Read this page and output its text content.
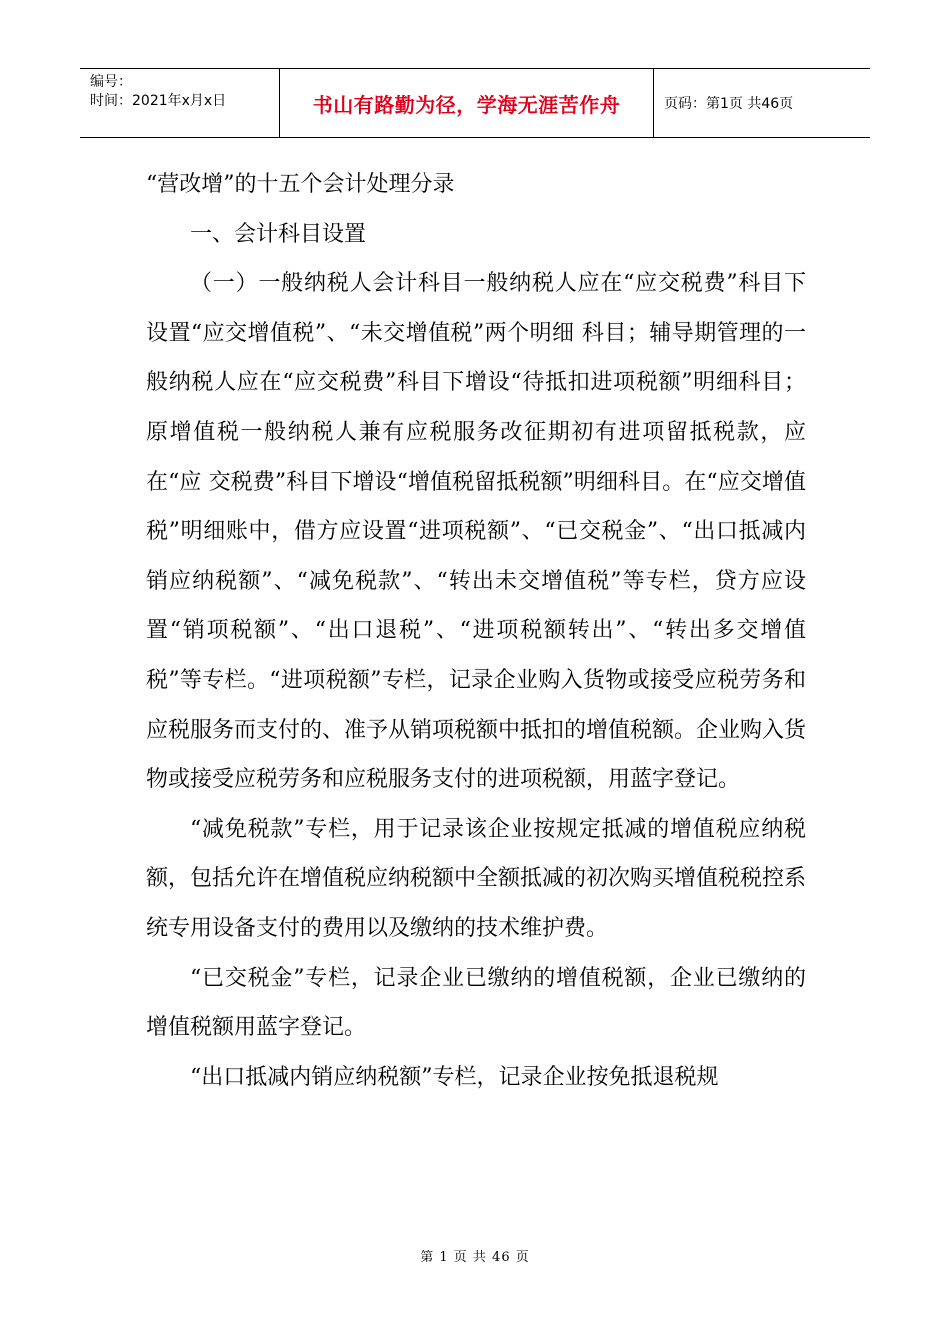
编号：
时间：2021年x月x日	书山有路勤为径，学海无涯苦作舟	页码：第1页 共46页

“营改增”的十五个会计处理分录

一、会计科目设置

（一）一般纳税人会计科目一般纳税人应在“应交税费”科目下设置“应交增值税”、“未交增值税”两个明细 科目；辅导期管理的一般纳税人应在“应交税费”科目下增设“待抵扣进项税额”明细科目；原增值税一般纳税人兼有应税服务改征期初有进项留抵税款，应在“应 交税费”科目下增设“增值税留抵税额”明细科目。在“应交增值税”明细账中，借方应设置“进项税额”、“已交税金”、“出口抵减内销应纳税额”、“减免税款”、“转出未交增值税”等专栏，贷方应设置“销项税额”、“出口退税”、“进项税额转出”、“转出多交增值税”等专栏。“进项税额”专栏，记录企业购入货物或接受应税劳务和应税服务而支付的、准予从销项税额中抵扣的增值税额。企业购入货物或接受应税劳务和应税服务支付的进项税额，用蓝字登记。

“减免税款”专栏，用于记录该企业按规定抵减的增值税应纳税额，包括允许在增值税应纳税额中全额抵减的初次购买增值税税控系统专用设备支付的费用以及缴纳的技术维护费。

“已交税金”专栏，记录企业已缴纳的增值税额，企业已缴纳的增值税额用蓝字登记。

“出口抵减内销应纳税额”专栏，记录企业按免抵退税规

第 1 页 共 46 页
